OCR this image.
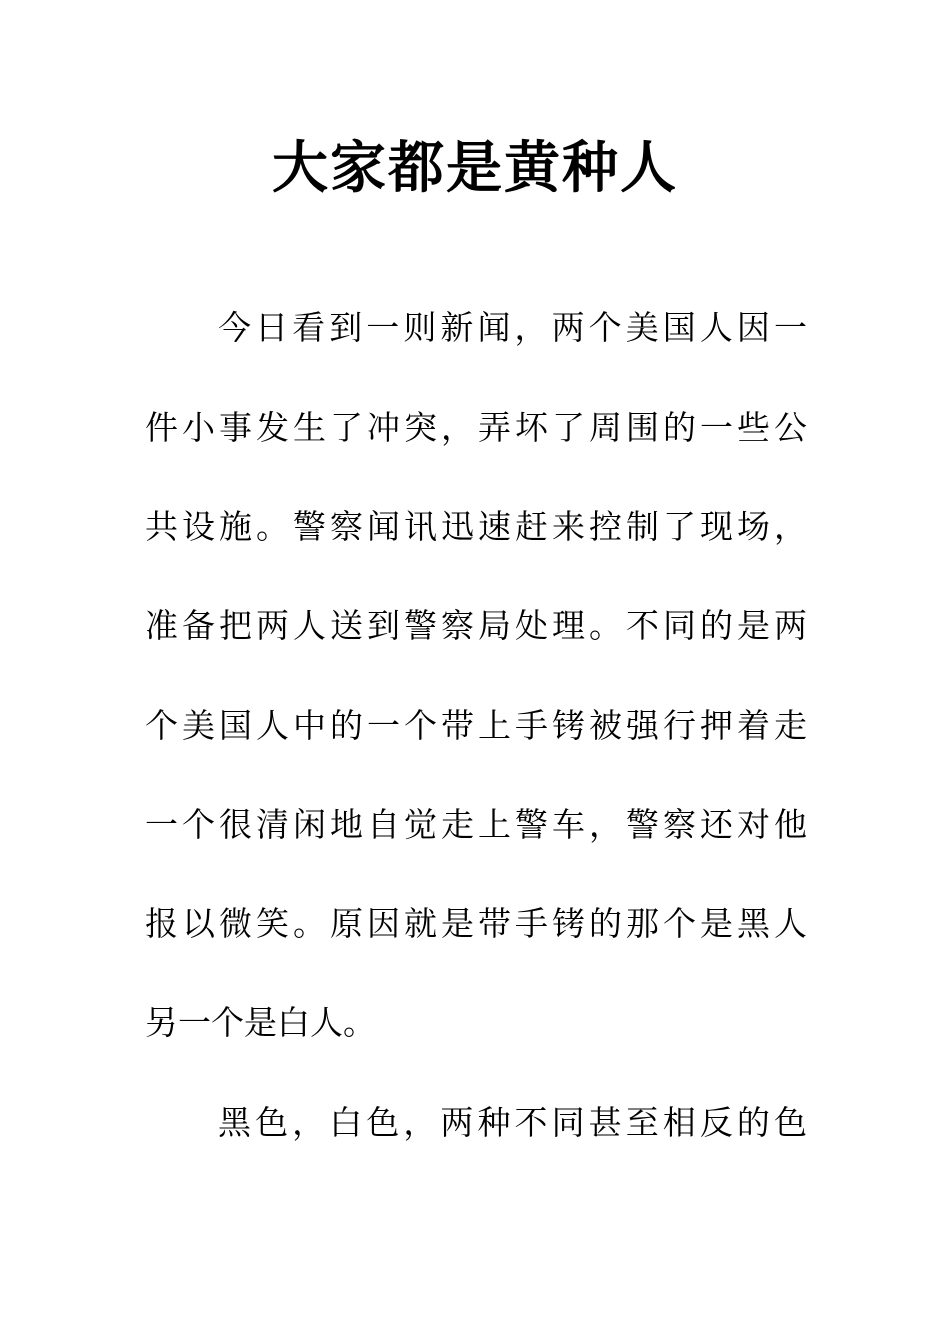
大家都是黄种人
今日看到一则新闻，两个美国人因一
件小事发生了冲突，弄坏了周围的一些公
共设施。警察闻讯迅速赶来控制了现场，
准备把两人送到警察局处理。不同的是两
个美国人中的一个带上手铐被强行押着走
一个很清闲地自觉走上警车，警察还对他
报以微笑。原因就是带手铐的那个是黑人
另一个是白人。
黑色，白色，两种不同甚至相反的色
